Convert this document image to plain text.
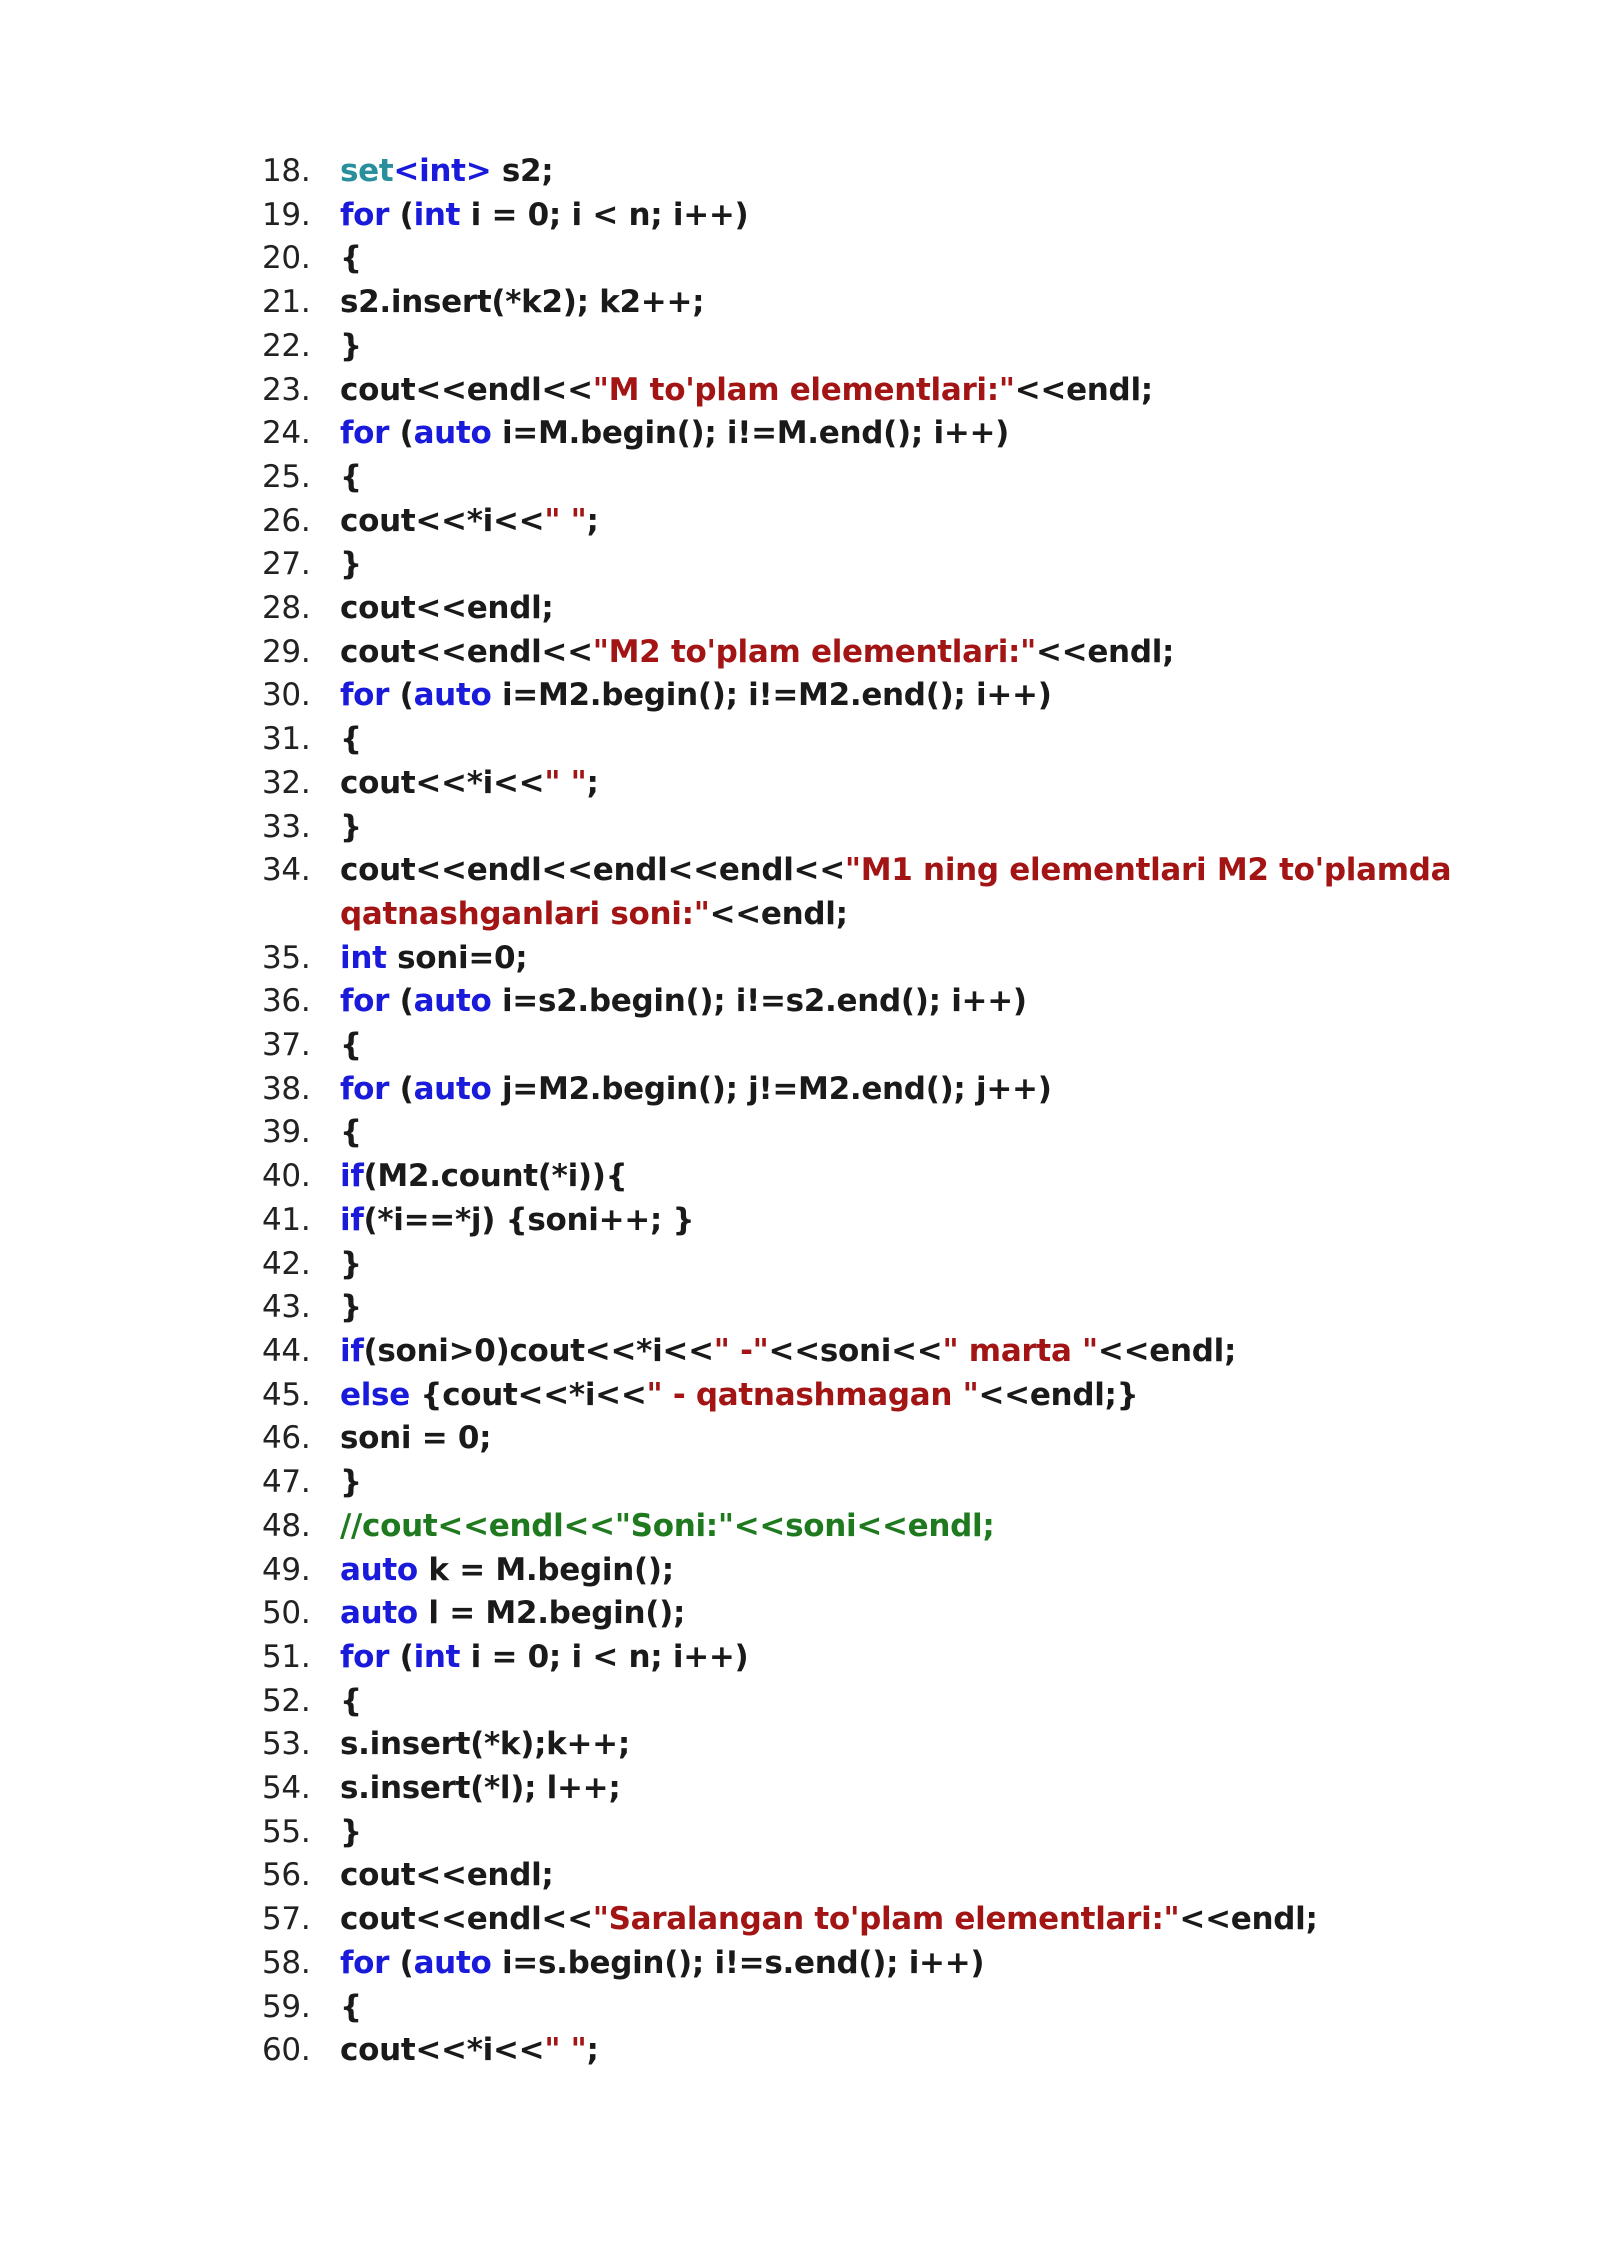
18. set<int> s2;
19. for (int i = 0; i < n; i++)
20. {
21. s2.insert(*k2); k2++;
22. }
23. cout<<endl<<"M to'plam elementlari:"<<endl;
24. for (auto i=M.begin(); i!=M.end(); i++)
25. {
26. cout<<*i<<" ";
27. }
28. cout<<endl;
29. cout<<endl<<"M2 to'plam elementlari:"<<endl;
30. for (auto i=M2.begin(); i!=M2.end(); i++)
31. {
32. cout<<*i<<" ";
33. }
34. cout<<endl<<endl<<endl<<"M1 ning elementlari M2 to'plamda
qatnashganlari soni:"<<endl;
35. int soni=0;
36. for (auto i=s2.begin(); i!=s2.end(); i++)
37. {
38. for (auto j=M2.begin(); j!=M2.end(); j++)
39. {
40. if(M2.count(*i)){
41. if(*i==*j) {soni++; }
42. }
43. }
44. if(soni>0)cout<<*i<<" -"<<soni<<" marta "<<endl;
45. else {cout<<*i<<" - qatnashmagan "<<endl;}
46. soni = 0;
47. }
48. //cout<<endl<<"Soni:"<<soni<<endl;
49. auto k = M.begin();
50. auto l = M2.begin();
51. for (int i = 0; i < n; i++)
52. {
53. s.insert(*k);k++;
54. s.insert(*l); l++;
55. }
56. cout<<endl;
57. cout<<endl<<"Saralangan to'plam elementlari:"<<endl;
58. for (auto i=s.begin(); i!=s.end(); i++)
59. {
60. cout<<*i<<" ";
